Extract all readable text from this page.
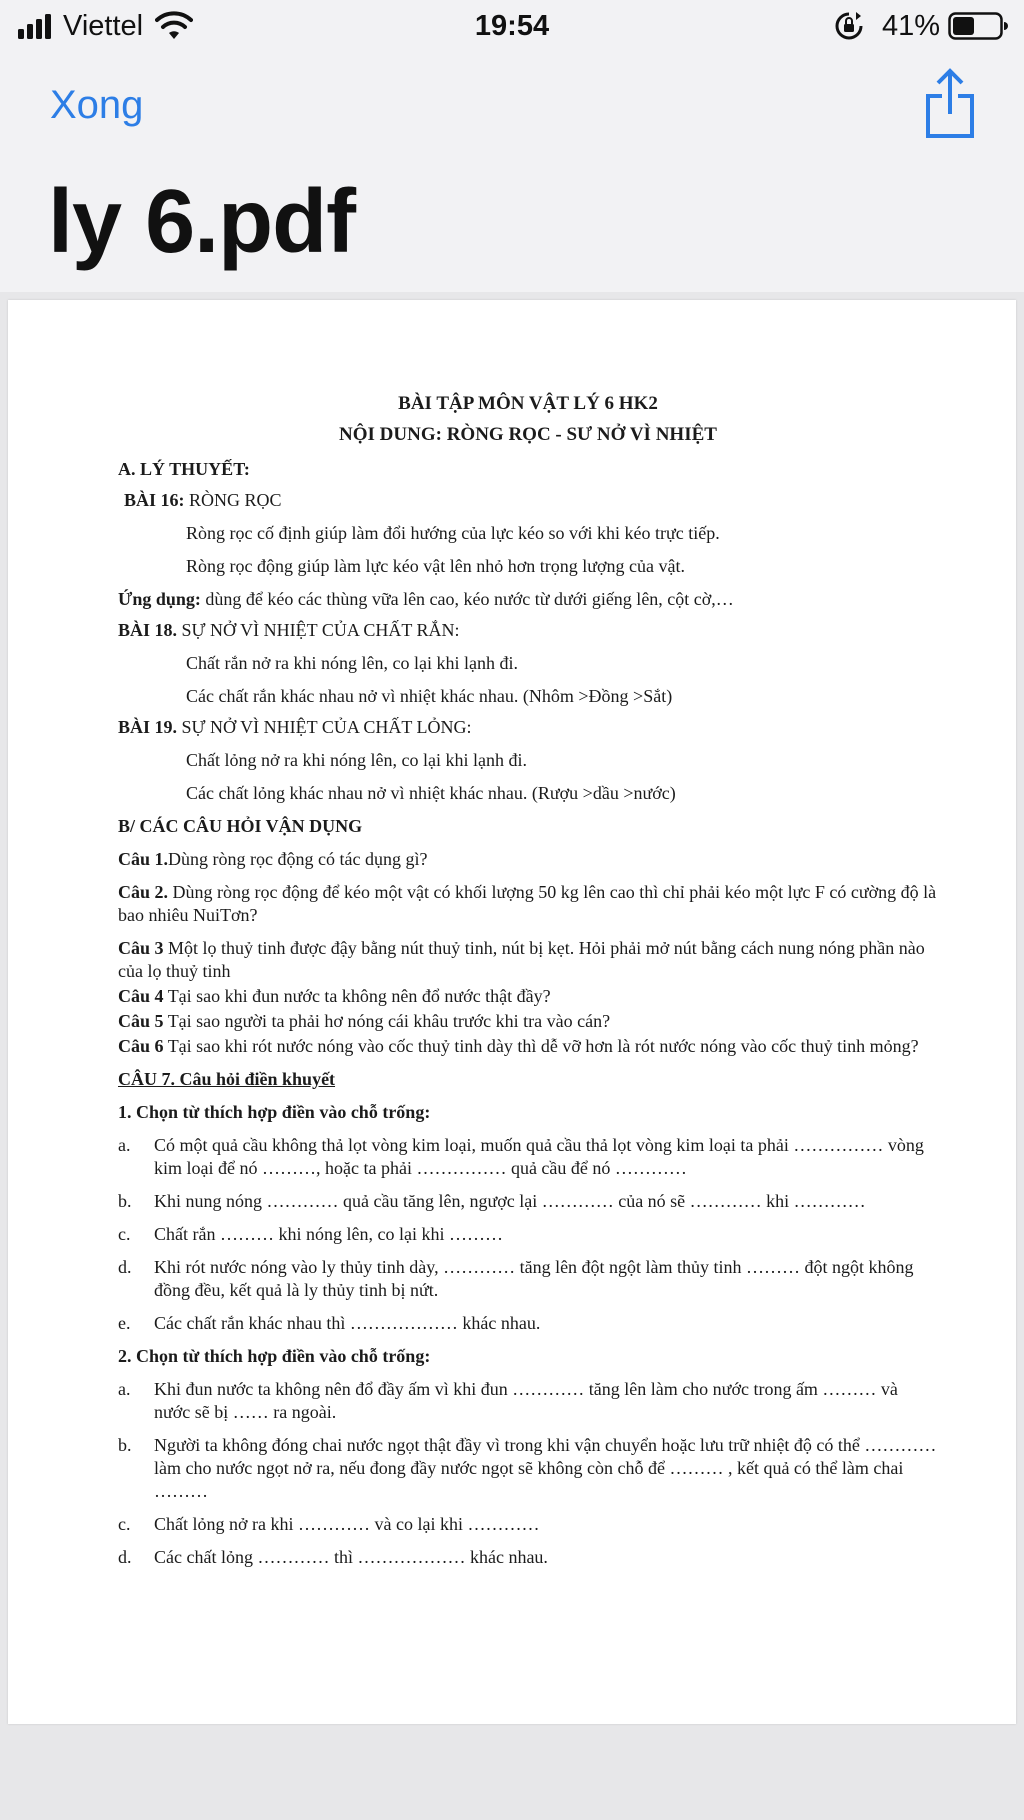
Viettel	19:54	41%
Xong
ly 6.pdf

BÀI TẬP MÔN VẬT LÝ 6 HK2

NỘI DUNG: RÒNG RỌC - SƯ NỞ VÌ NHIỆT

A. LÝ THUYẾT:

BÀI 16: RÒNG RỌC

Ròng rọc cố định giúp làm đổi hướng của lực kéo so với khi kéo trực tiếp.

Ròng rọc động giúp làm lực kéo vật lên nhỏ hơn trọng lượng của vật.

Ứng dụng: dùng để kéo các thùng vữa lên cao, kéo nước từ dưới giếng lên, cột cờ,…

BÀI 18. SỰ NỞ VÌ NHIỆT CỦA CHẤT RẮN:

Chất rắn nở ra khi nóng lên, co lại khi lạnh đi.

Các chất rắn khác nhau nở vì nhiệt khác nhau. (Nhôm >Đồng >Sắt)

BÀI 19. SỰ NỞ VÌ NHIỆT CỦA CHẤT LỎNG:

Chất lỏng nở ra khi nóng lên, co lại khi lạnh đi.

Các chất lỏng khác nhau nở vì nhiệt khác nhau. (Rượu >dầu >nước)

B/ CÁC CÂU HỎI VẬN DỤNG

Câu 1.Dùng ròng rọc động có tác dụng gì?

Câu 2. Dùng ròng rọc động để kéo một vật có khối lượng 50 kg lên cao thì chỉ phải kéo một lực F có cường độ là bao nhiêu NuiTơn?

Câu 3 Một lọ thuỷ tinh được đậy bằng nút thuỷ tinh, nút bị kẹt. Hỏi phải mở nút bằng cách nung nóng phần nào của lọ thuỷ tinh

Câu 4 Tại sao khi đun nước ta không nên đổ nước thật đầy?

Câu 5 Tại sao người ta phải hơ nóng cái khâu trước khi tra vào cán?

Câu 6 Tại sao khi rót nước nóng vào cốc thuỷ tinh dày thì dễ vỡ hơn là rót nước nóng vào cốc thuỷ tinh mỏng?

CÂU 7. Câu hỏi điền khuyết

1. Chọn từ thích hợp điền vào chỗ trống:

a.	Có một quả cầu không thả lọt vòng kim loại, muốn quả cầu thả lọt vòng kim loại ta phải …………… vòng kim loại để nó ………, hoặc ta phải …………… quả cầu để nó …………
b.	Khi nung nóng ………… quả cầu tăng lên, ngược lại ………… của nó sẽ ………… khi …………
c.	Chất rắn ……… khi nóng lên, co lại khi ………
d.	Khi rót nước nóng vào ly thủy tinh dày, ………… tăng lên đột ngột làm thủy tinh ……… đột ngột không đồng đều, kết quả là ly thủy tinh bị nứt.
e.	Các chất rắn khác nhau thì ……………… khác nhau.

2. Chọn từ thích hợp điền vào chỗ trống:

a.	Khi đun nước ta không nên đổ đầy ấm vì khi đun ………… tăng lên làm cho nước trong ấm ……… và nước sẽ bị …… ra ngoài.
b.	Người ta không đóng chai nước ngọt thật đầy vì trong khi vận chuyển hoặc lưu trữ nhiệt độ có thể ………… làm cho nước ngọt nở ra, nếu đong đầy nước ngọt sẽ không còn chỗ để ……… , kết quả có thể làm chai ………
c.	Chất lỏng nở ra khi ………… và co lại khi …………
d.	Các chất lỏng ………… thì ……………… khác nhau.
